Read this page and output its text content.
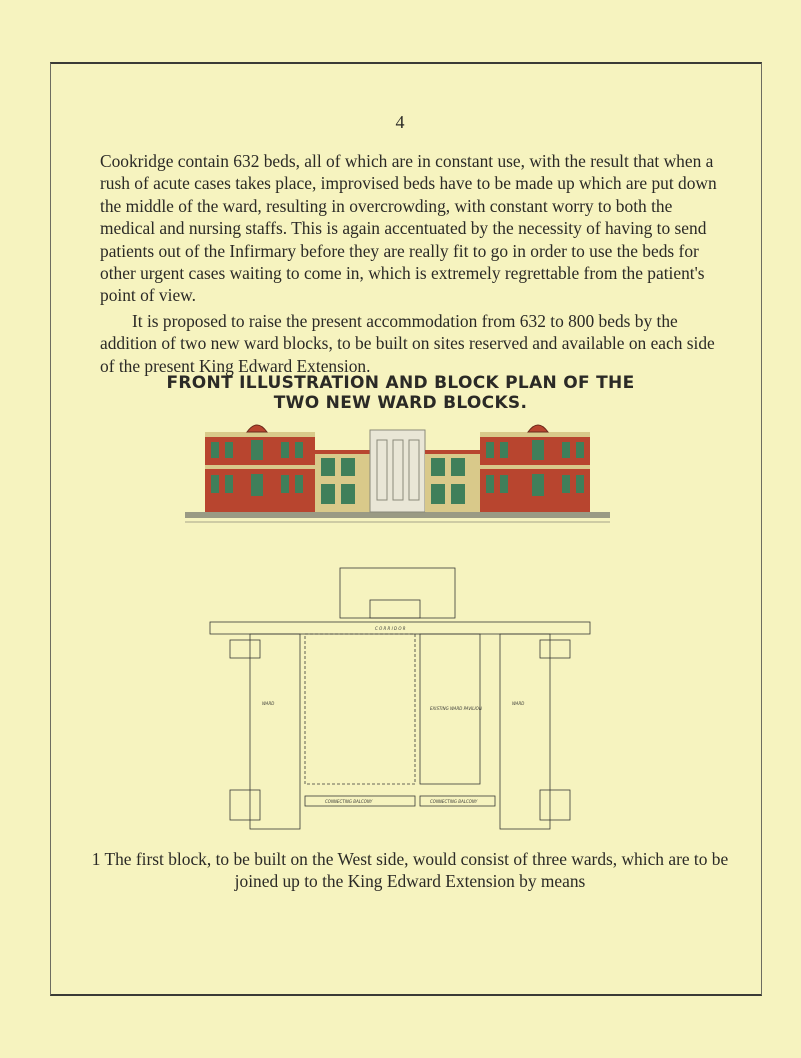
4

Cookridge contain 632 beds, all of which are in constant use, with the result that when a rush of acute cases takes place, improvised beds have to be made up which are put down the middle of the ward, resulting in overcrowding, with constant worry to both the medical and nursing staffs. This is again accentuated by the necessity of having to send patients out of the Infirmary before they are really fit to go in order to use the beds for other urgent cases waiting to come in, which is extremely regrettable from the patient's point of view.

It is proposed to raise the present accommodation from 632 to 800 beds by the addition of two new ward blocks, to be built on sites reserved and available on each side of the present King Edward Extension.

FRONT ILLUSTRATION AND BLOCK PLAN OF THE
TWO NEW WARD BLOCKS.
C O R R I D O R
WARD	WARD
EXISTING WARD PAVILION
CONNECTING BALCONY	CONNECTING BALCONY

1 The first block, to be built on the West side, would consist of three wards, which are to be joined up to the King Edward Extension by means
